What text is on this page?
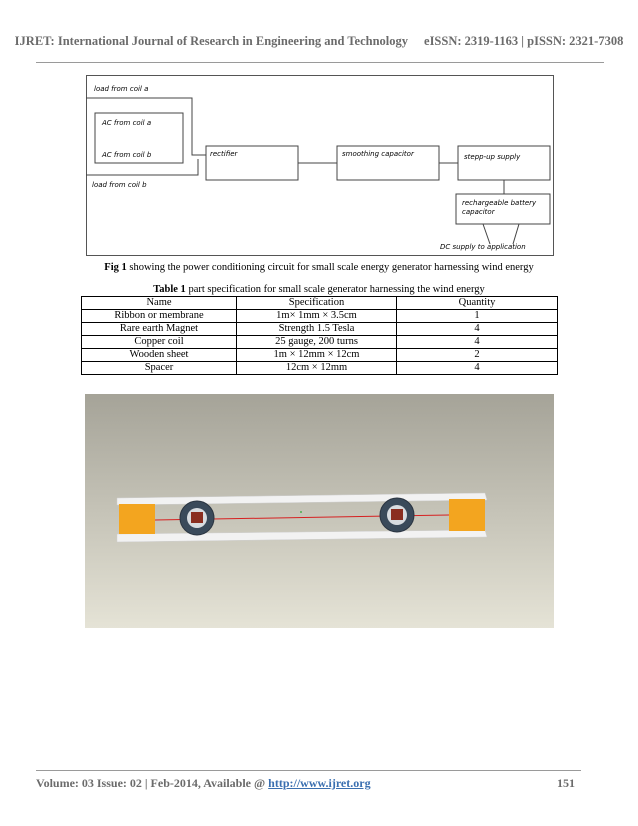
IJRET: International Journal of Research in Engineering and Technology eISSN: 2319-1163 | pISSN: 2321-7308
load from coil a
AC from coil a
AC from coil b
load from coil b
rectifier	smoothing capacitor	stepp-up supply
rechargeable battery
capacitor
DC supply to application
Fig 1 showing the power conditioning circuit for small scale energy generator harnessing wind energy
Table 1 part specification for small scale generator harnessing the wind energy
Name	Specification	Quantity
Ribbon or membrane	1m× 1mm × 3.5cm	1
Rare earth Magnet	Strength 1.5 Tesla	4
Copper coil	25 gauge, 200 turns	4
Wooden sheet	1m × 12mm × 12cm	2
Spacer	12cm × 12mm	4
Volume: 03 Issue: 02 | Feb-2014, Available @ http://www.ijret.org	151
